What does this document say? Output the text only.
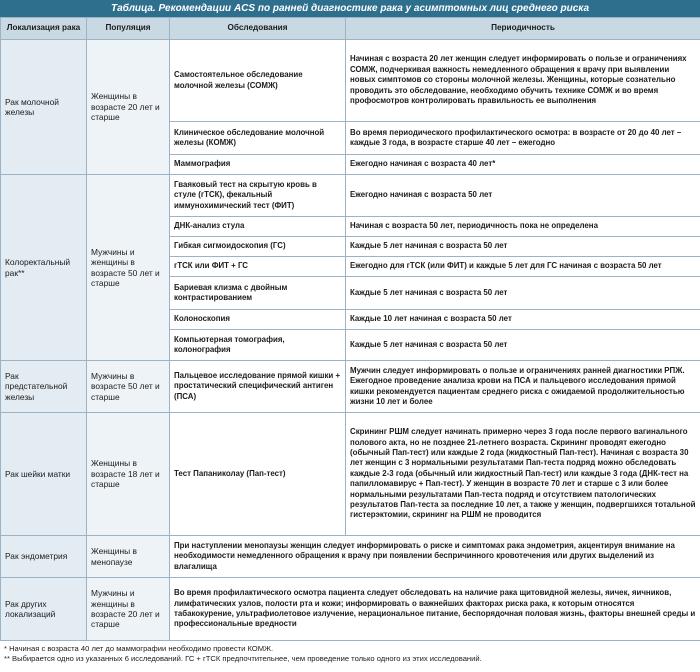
Таблица. Рекомендации ACS по ранней диагностике рака у асимптомных лиц среднего риска
Локализация рака	Популяция	Обследования	Периодичность
Рак молочной железы	Женщины в возрасте 20 лет и старше	Самостоятельное обследование молочной железы (СОМЖ)	Начиная с возраста 20 лет женщин следует информировать о пользе и ограничениях СОМЖ, подчеркивая важность немедленного обращения к врачу при выявлении новых симптомов со стороны молочной железы. Женщины, которые сознательно проводить это обследование, необходимо обучить технике СОМЖ и во время профосмотров контролировать правильность ее выполнения
		Клиническое обследование молочной железы (КОМЖ)	Во время периодического профилактического осмотра: в возрасте от 20 до 40 лет – каждые 3 года, в возрасте старше 40 лет – ежегодно
		Маммография	Ежегодно начиная с возраста 40 лет*
Колоректальный рак**	Мужчины и женщины в возрасте 50 лет и старше	Гваяковый тест на скрытую кровь в стуле (гТСК), фекальный иммунохимический тест (ФИТ)	Ежегодно начиная с возраста 50 лет
		ДНК-анализ стула	Начиная с возраста 50 лет, периодичность пока не определена
		Гибкая сигмоидоскопия (ГС)	Каждые 5 лет начиная с возраста 50 лет
		гТСК или ФИТ + ГС	Ежегодно для гТСК (или ФИТ) и каждые 5 лет для ГС начиная с возраста 50 лет
		Бариевая клизма с двойным контрастированием	Каждые 5 лет начиная с возраста 50 лет
		Колоноскопия	Каждые 10 лет начиная с возраста 50 лет
		Компьютерная томография, колонография	Каждые 5 лет начиная с возраста 50 лет
Рак предстательной железы	Мужчины в возрасте 50 лет и старше	Пальцевое исследование прямой кишки + простатический специфический антиген (ПСА)	Мужчин следует информировать о пользе и ограничениях ранней диагностики РПЖ. Ежегодное проведение анализа крови на ПСА и пальцевого исследования прямой кишки рекомендуется пациентам среднего риска с ожидаемой продолжительностью жизни 10 лет и более
Рак шейки матки	Женщины в возрасте 18 лет и старше	Тест Папаниколау (Пап-тест)	Скрининг РШМ следует начинать примерно через 3 года после первого вагинального полового акта, но не позднее 21-летнего возраста. Скрининг проводят ежегодно (обычный Пап-тест) или каждые 2 года (жидкостный Пап-тест). Начиная с возраста 30 лет женщин с 3 нормальными результатами Пап-теста подряд можно обследовать каждые 2-3 года (обычный или жидкостный Пап-тест) или каждые 3 года (ДНК-тест на папилломавирус + Пап-тест). У женщин в возрасте 70 лет и старше с 3 или более нормальными результатами Пап-теста подряд и отсутствием патологических результатов Пап-теста за последние 10 лет, а также у женщин, подвергшихся тотальной гистерэктомии, скрининг на РШМ не проводится
Рак эндометрия	Женщины в менопаузе	При наступлении менопаузы женщин следует информировать о риске и симптомах рака эндометрия, акцентируя внимание на необходимости немедленного обращения к врачу при появлении беспричинного кровотечения или других выделений из влагалища	
Рак других локализаций	Мужчины и женщины в возрасте 20 лет и старше	Во время профилактического осмотра пациента следует обследовать на наличие рака щитовидной железы, яичек, яичников, лимфатических узлов, полости рта и кожи; информировать о важнейших факторах риска рака, к которым относятся табакокурение, ультрафиолетовое излучение, нерациональное питание, беспорядочная половая жизнь, факторы внешней среды и профессиональные вредности	
* Начиная с возраста 40 лет до маммографии необходимо провести КОМЖ.
** Выбирается одно из указанных 6 исследований. ГС + гТСК предпочтительнее, чем проведение только одного из этих исследований.
